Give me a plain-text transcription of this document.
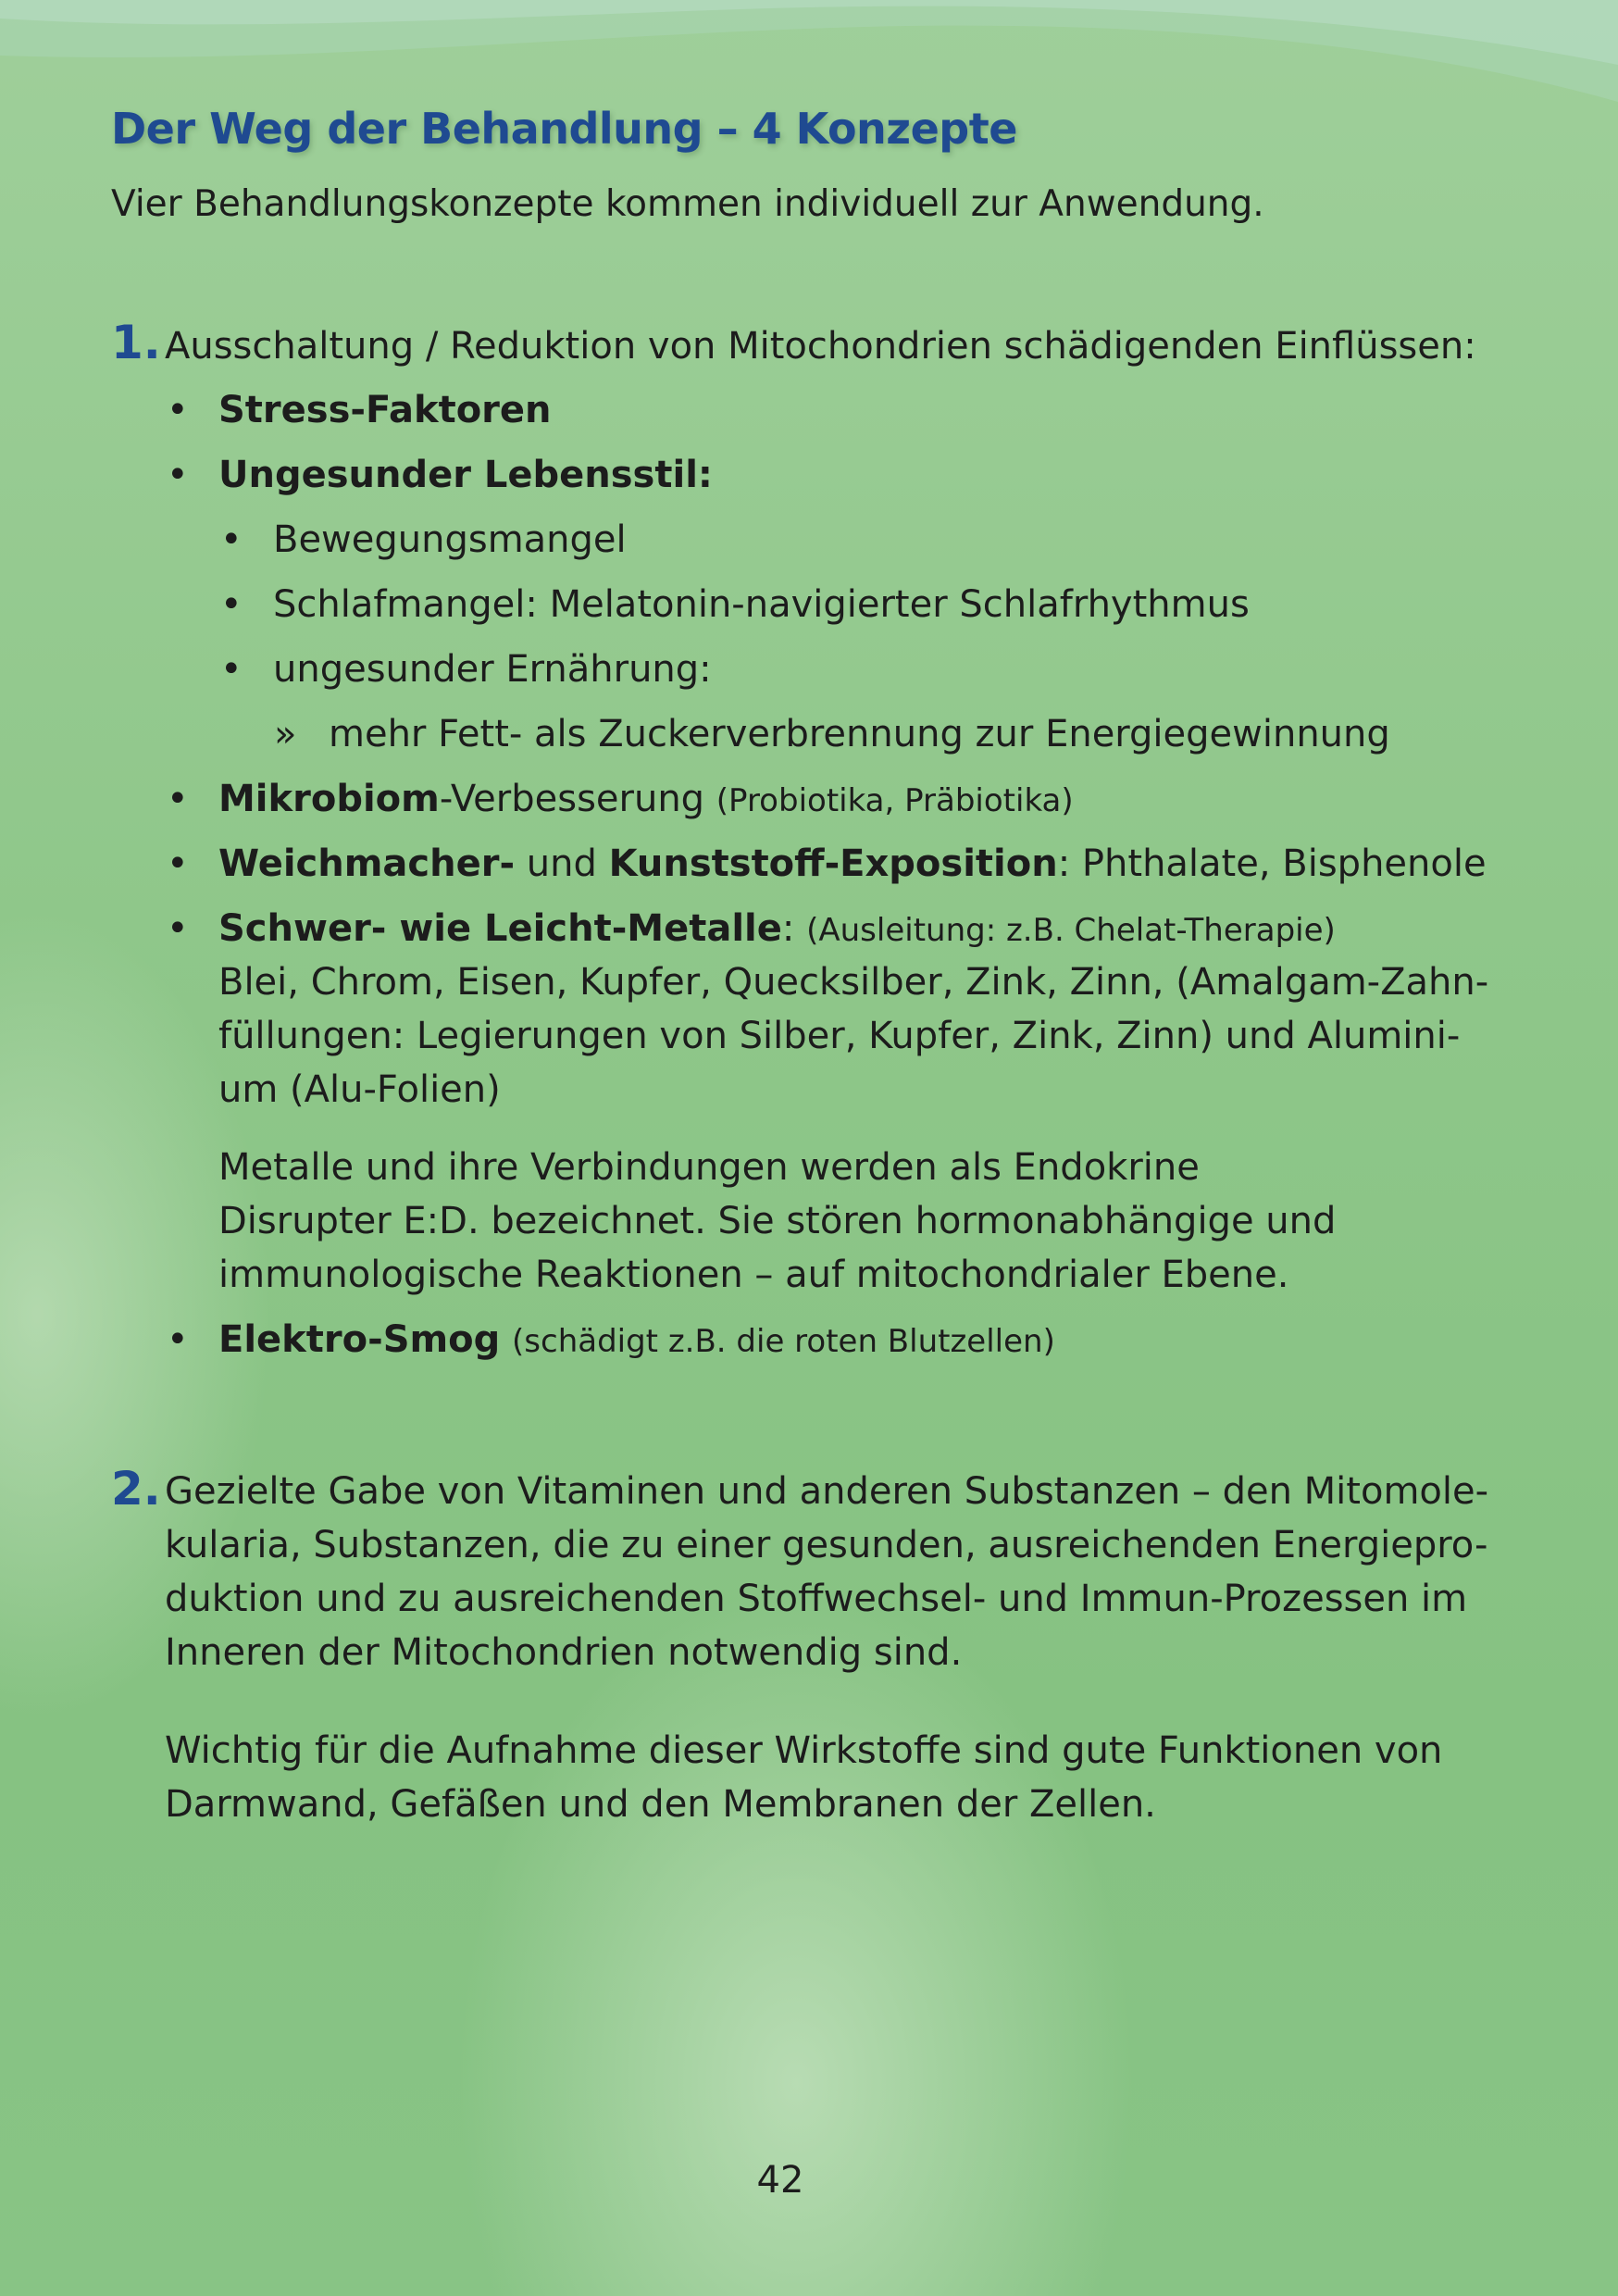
Der Weg der Behandlung – 4 Konzepte

Vier Behandlungskonzepte kommen individuell zur Anwendung.

1. Ausschaltung / Reduktion von Mitochondrien schädigenden Einflüssen:
• Stress-Faktoren
• Ungesunder Lebensstil:
• Bewegungsmangel
• Schlafmangel: Melatonin-navigierter Schlafrhythmus
• ungesunder Ernährung:
» mehr Fett- als Zuckerverbrennung zur Energiegewinnung
• Mikrobiom-Verbesserung (Probiotika, Präbiotika)
• Weichmacher- und Kunststoff-Exposition: Phthalate, Bisphenole
• Schwer- wie Leicht-Metalle: (Ausleitung: z.B. Chelat-Therapie)
Blei, Chrom, Eisen, Kupfer, Quecksilber, Zink, Zinn, (Amalgam-Zahn-
füllungen: Legierungen von Silber, Kupfer, Zink, Zinn) und Alumini-
um (Alu-Folien)
Metalle und ihre Verbindungen werden als Endokrine
Disrupter E:D. bezeichnet. Sie stören hormonabhängige und
immunologische Reaktionen – auf mitochondrialer Ebene.
• Elektro-Smog (schädigt z.B. die roten Blutzellen)
2. Gezielte Gabe von Vitaminen und anderen Substanzen – den Mitomole-
kularia, Substanzen, die zu einer gesunden, ausreichenden Energiepro-
duktion und zu ausreichenden Stoffwechsel- und Immun-Prozessen im
Inneren der Mitochondrien notwendig sind.
Wichtig für die Aufnahme dieser Wirkstoffe sind gute Funktionen von
Darmwand, Gefäßen und den Membranen der Zellen.
42
